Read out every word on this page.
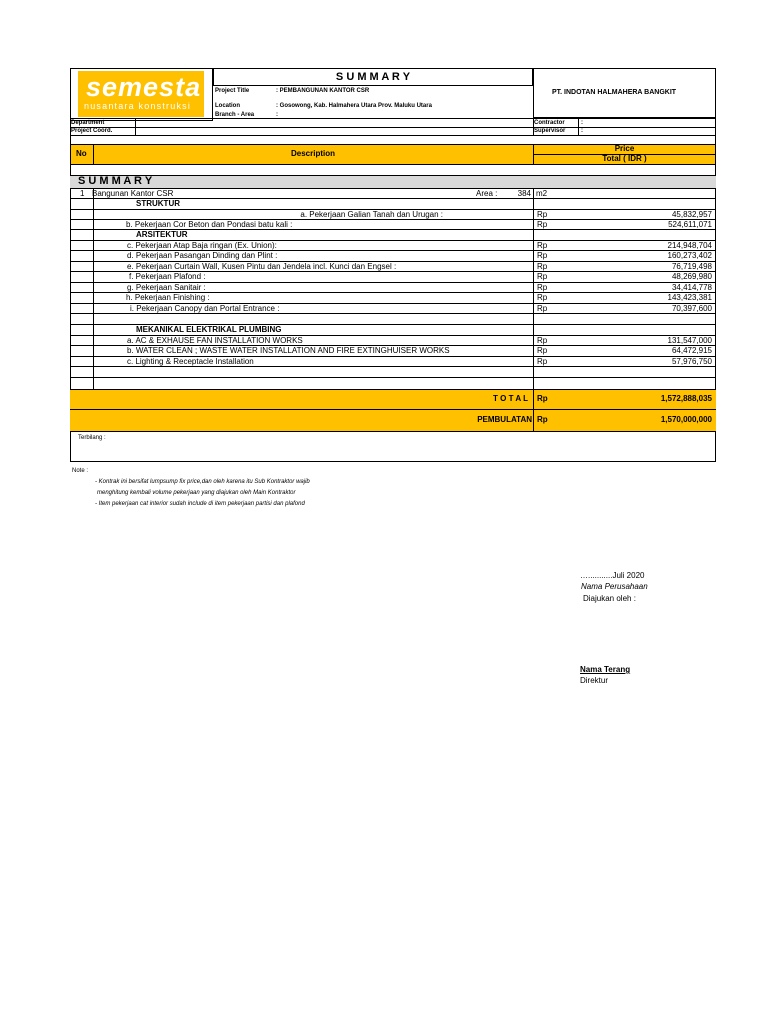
semesta
nusantara konstruksi
S U M M A R Y
Project Title	: PEMBANGUNAN KANTOR CSR
Location	: Gosowong, Kab. Halmahera Utara Prov. Maluku Utara
Branch - Area	:
PT. INDOTAN HALMAHERA BANGKIT
Department
Project Coord.
Contractor	:
Supervisor	:
No	Description
Price
Total ( IDR )
S U M M A R Y
1 Bangunan Kantor CSR	Area :	384 m2
STRUKTUR
a. Pekerjaan Galian Tanah dan Urugan :	Rp	45,832,957
b. Pekerjaan Cor Beton dan Pondasi batu kali :	Rp	524,611,071
ARSITEKTUR
c. Pekerjaan Atap Baja ringan (Ex. Union):	Rp	214,948,704
d. Pekerjaan Pasangan Dinding dan Plint :	Rp	160,273,402
e. Pekerjaan Curtain Wall, Kusen Pintu dan Jendela incl. Kunci dan Engsel :	Rp	76,719,498
f. Pekerjaan Plafond :	Rp	48,269,980
g. Pekerjaan Sanitair :	Rp	34,414,778
h. Pekerjaan Finishing :	Rp	143,423,381
i. Pekerjaan Canopy dan Portal Entrance :	Rp	70,397,600
MEKANIKAL ELEKTRIKAL PLUMBING
a. AC & EXHAUSE FAN INSTALLATION WORKS	Rp	131,547,000
b. WATER CLEAN ; WASTE WATER INSTALLATION AND FIRE EXTINGHUISER WORKS	Rp	64,472,915
c. Lighting & Receptacle Installation	Rp	57,976,750
T O T A L Rp	1,572,888,035
PEMBULATAN Rp	1,570,000,000
Terbilang :
Note :
- Kontrak ini bersifat lumpsump fix price,dan oleh karena itu Sub Kontraktor wajib
menghitung kembali volume pekerjaan yang diajukan oleh Main Kontraktor
- Item pekerjaan cat interior sudah include di item pekerjaan partisi dan plafond
…...........Juli 2020
Nama Perusahaan
Diajukan oleh :
Nama Terang
Direktur
